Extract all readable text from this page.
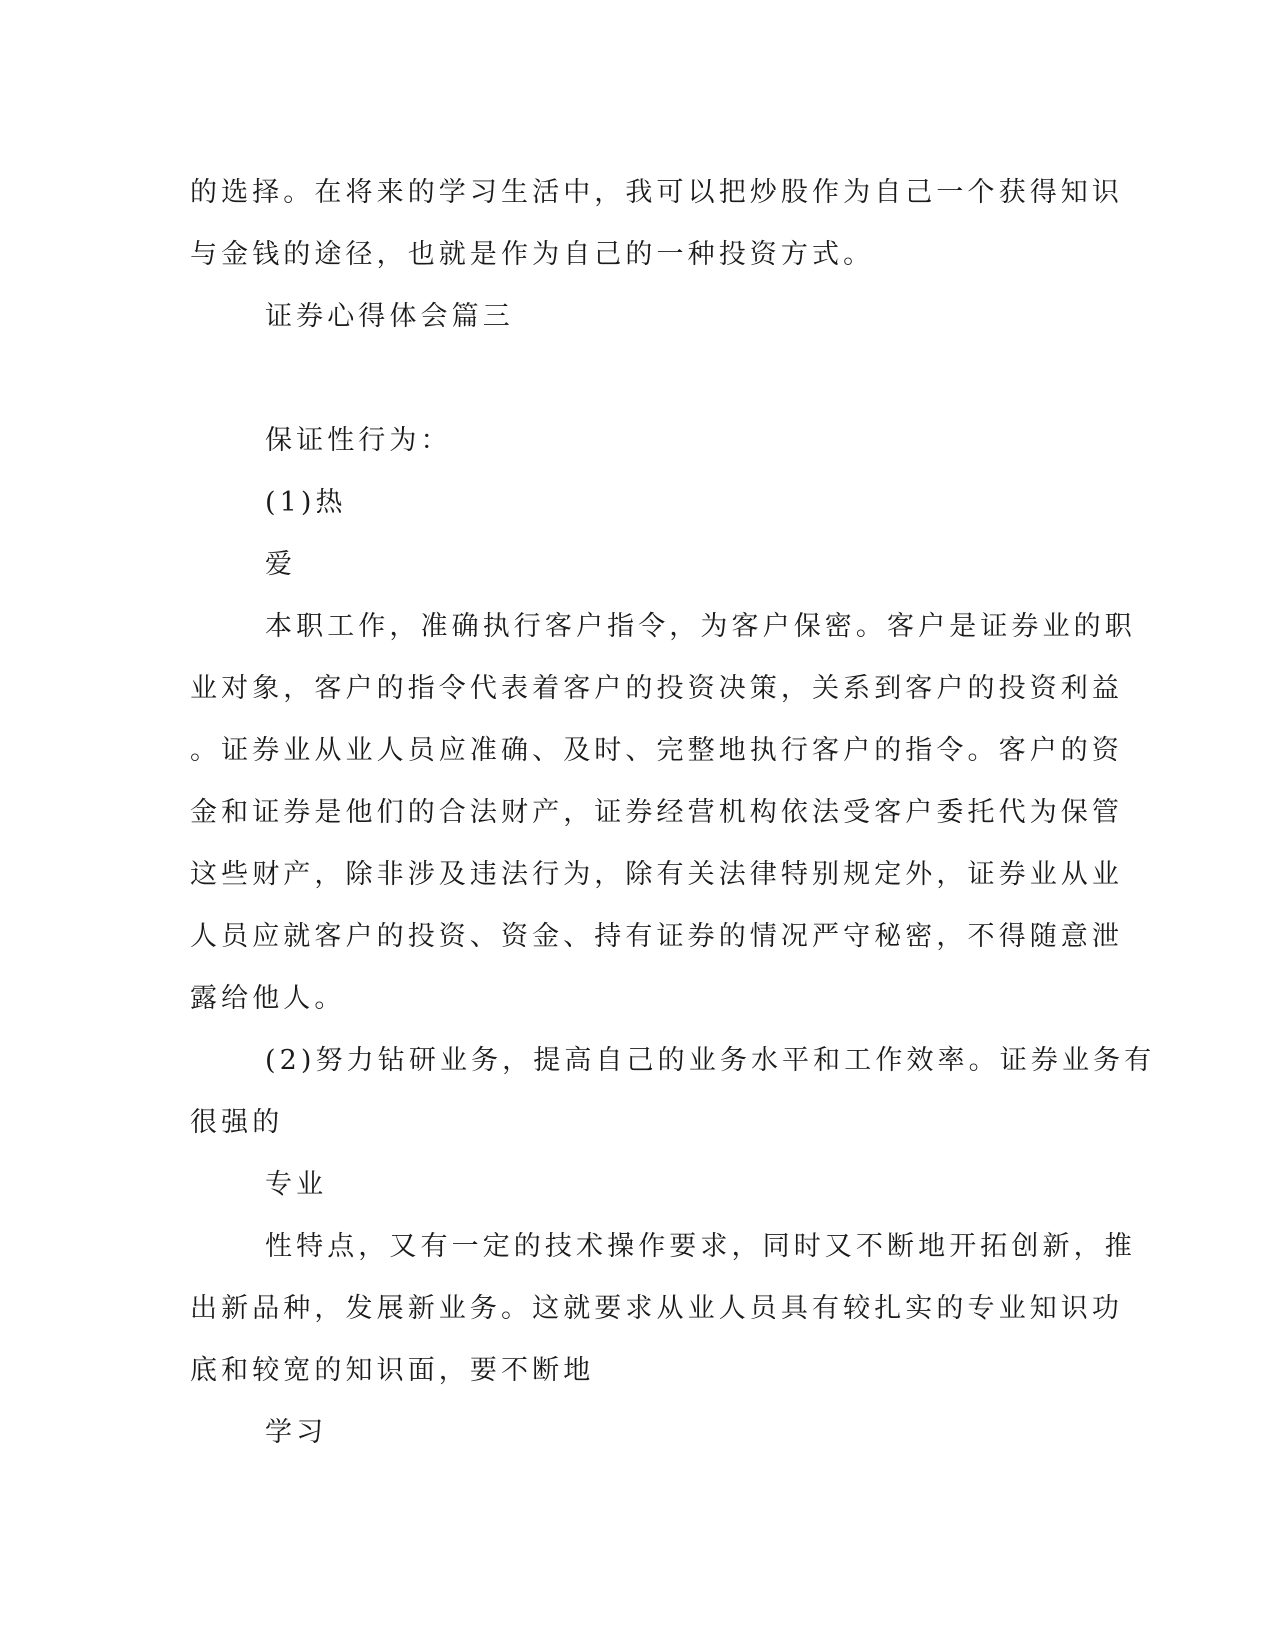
的选择。在将来的学习生活中，我可以把炒股作为自己一个获得知识
与金钱的途径，也就是作为自己的一种投资方式。
证券心得体会篇三
保证性行为：
(1)热
爱
本职工作，准确执行客户指令，为客户保密。客户是证券业的职
业对象，客户的指令代表着客户的投资决策，关系到客户的投资利益
。证券业从业人员应准确、及时、完整地执行客户的指令。客户的资
金和证券是他们的合法财产，证券经营机构依法受客户委托代为保管
这些财产，除非涉及违法行为，除有关法律特别规定外，证券业从业
人员应就客户的投资、资金、持有证券的情况严守秘密，不得随意泄
露给他人。
(2)努力钻研业务，提高自己的业务水平和工作效率。证券业务有
很强的
专业
性特点，又有一定的技术操作要求，同时又不断地开拓创新，推
出新品种，发展新业务。这就要求从业人员具有较扎实的专业知识功
底和较宽的知识面，要不断地
学习
